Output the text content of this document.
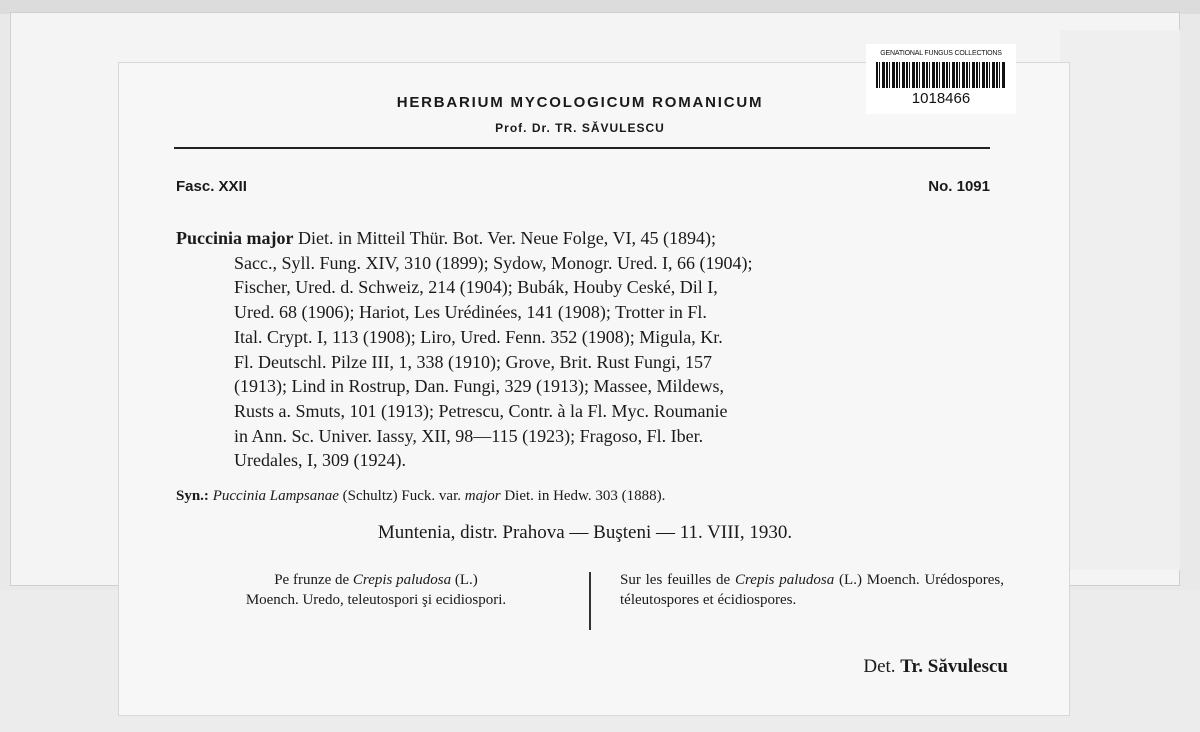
GENATIONAL FUNGUS COLLECTIONS
1018466
HERBARIUM MYCOLOGICUM ROMANICUM
Prof. Dr. TR. SĂVULESCU
Fasc. XXII	No. 1091
Puccinia major Diet. in Mitteil Thür. Bot. Ver. Neue Folge, VI, 45 (1894);
Sacc., Syll. Fung. XIV, 310 (1899); Sydow, Monogr. Ured. I, 66 (1904);
Fischer, Ured. d. Schweiz, 214 (1904); Bubák, Houby Ceské, Dil I,
Ured. 68 (1906); Hariot, Les Urédinées, 141 (1908); Trotter in Fl.
Ital. Crypt. I, 113 (1908); Liro, Ured. Fenn. 352 (1908); Migula, Kr.
Fl. Deutschl. Pilze III, 1, 338 (1910); Grove, Brit. Rust Fungi, 157
(1913); Lind in Rostrup, Dan. Fungi, 329 (1913); Massee, Mildews,
Rusts a. Smuts, 101 (1913); Petrescu, Contr. à la Fl. Myc. Roumanie
in Ann. Sc. Univer. Iassy, XII, 98—115 (1923); Fragoso, Fl. Iber.
Uredales, I, 309 (1924).
Syn.: Puccinia Lampsanae (Schultz) Fuck. var. major Diet. in Hedw. 303 (1888).
Muntenia, distr. Prahova — Buşteni — 11. VIII, 1930.
Pe frunze de Crepis paludosa (L.)
Moench. Uredo, teleutospori şi ecidiospori.
Sur les feuilles de Crepis paludosa (L.) Moench. Urédospores, téleutospores et écidiospores.
Det. Tr. Săvulescu
